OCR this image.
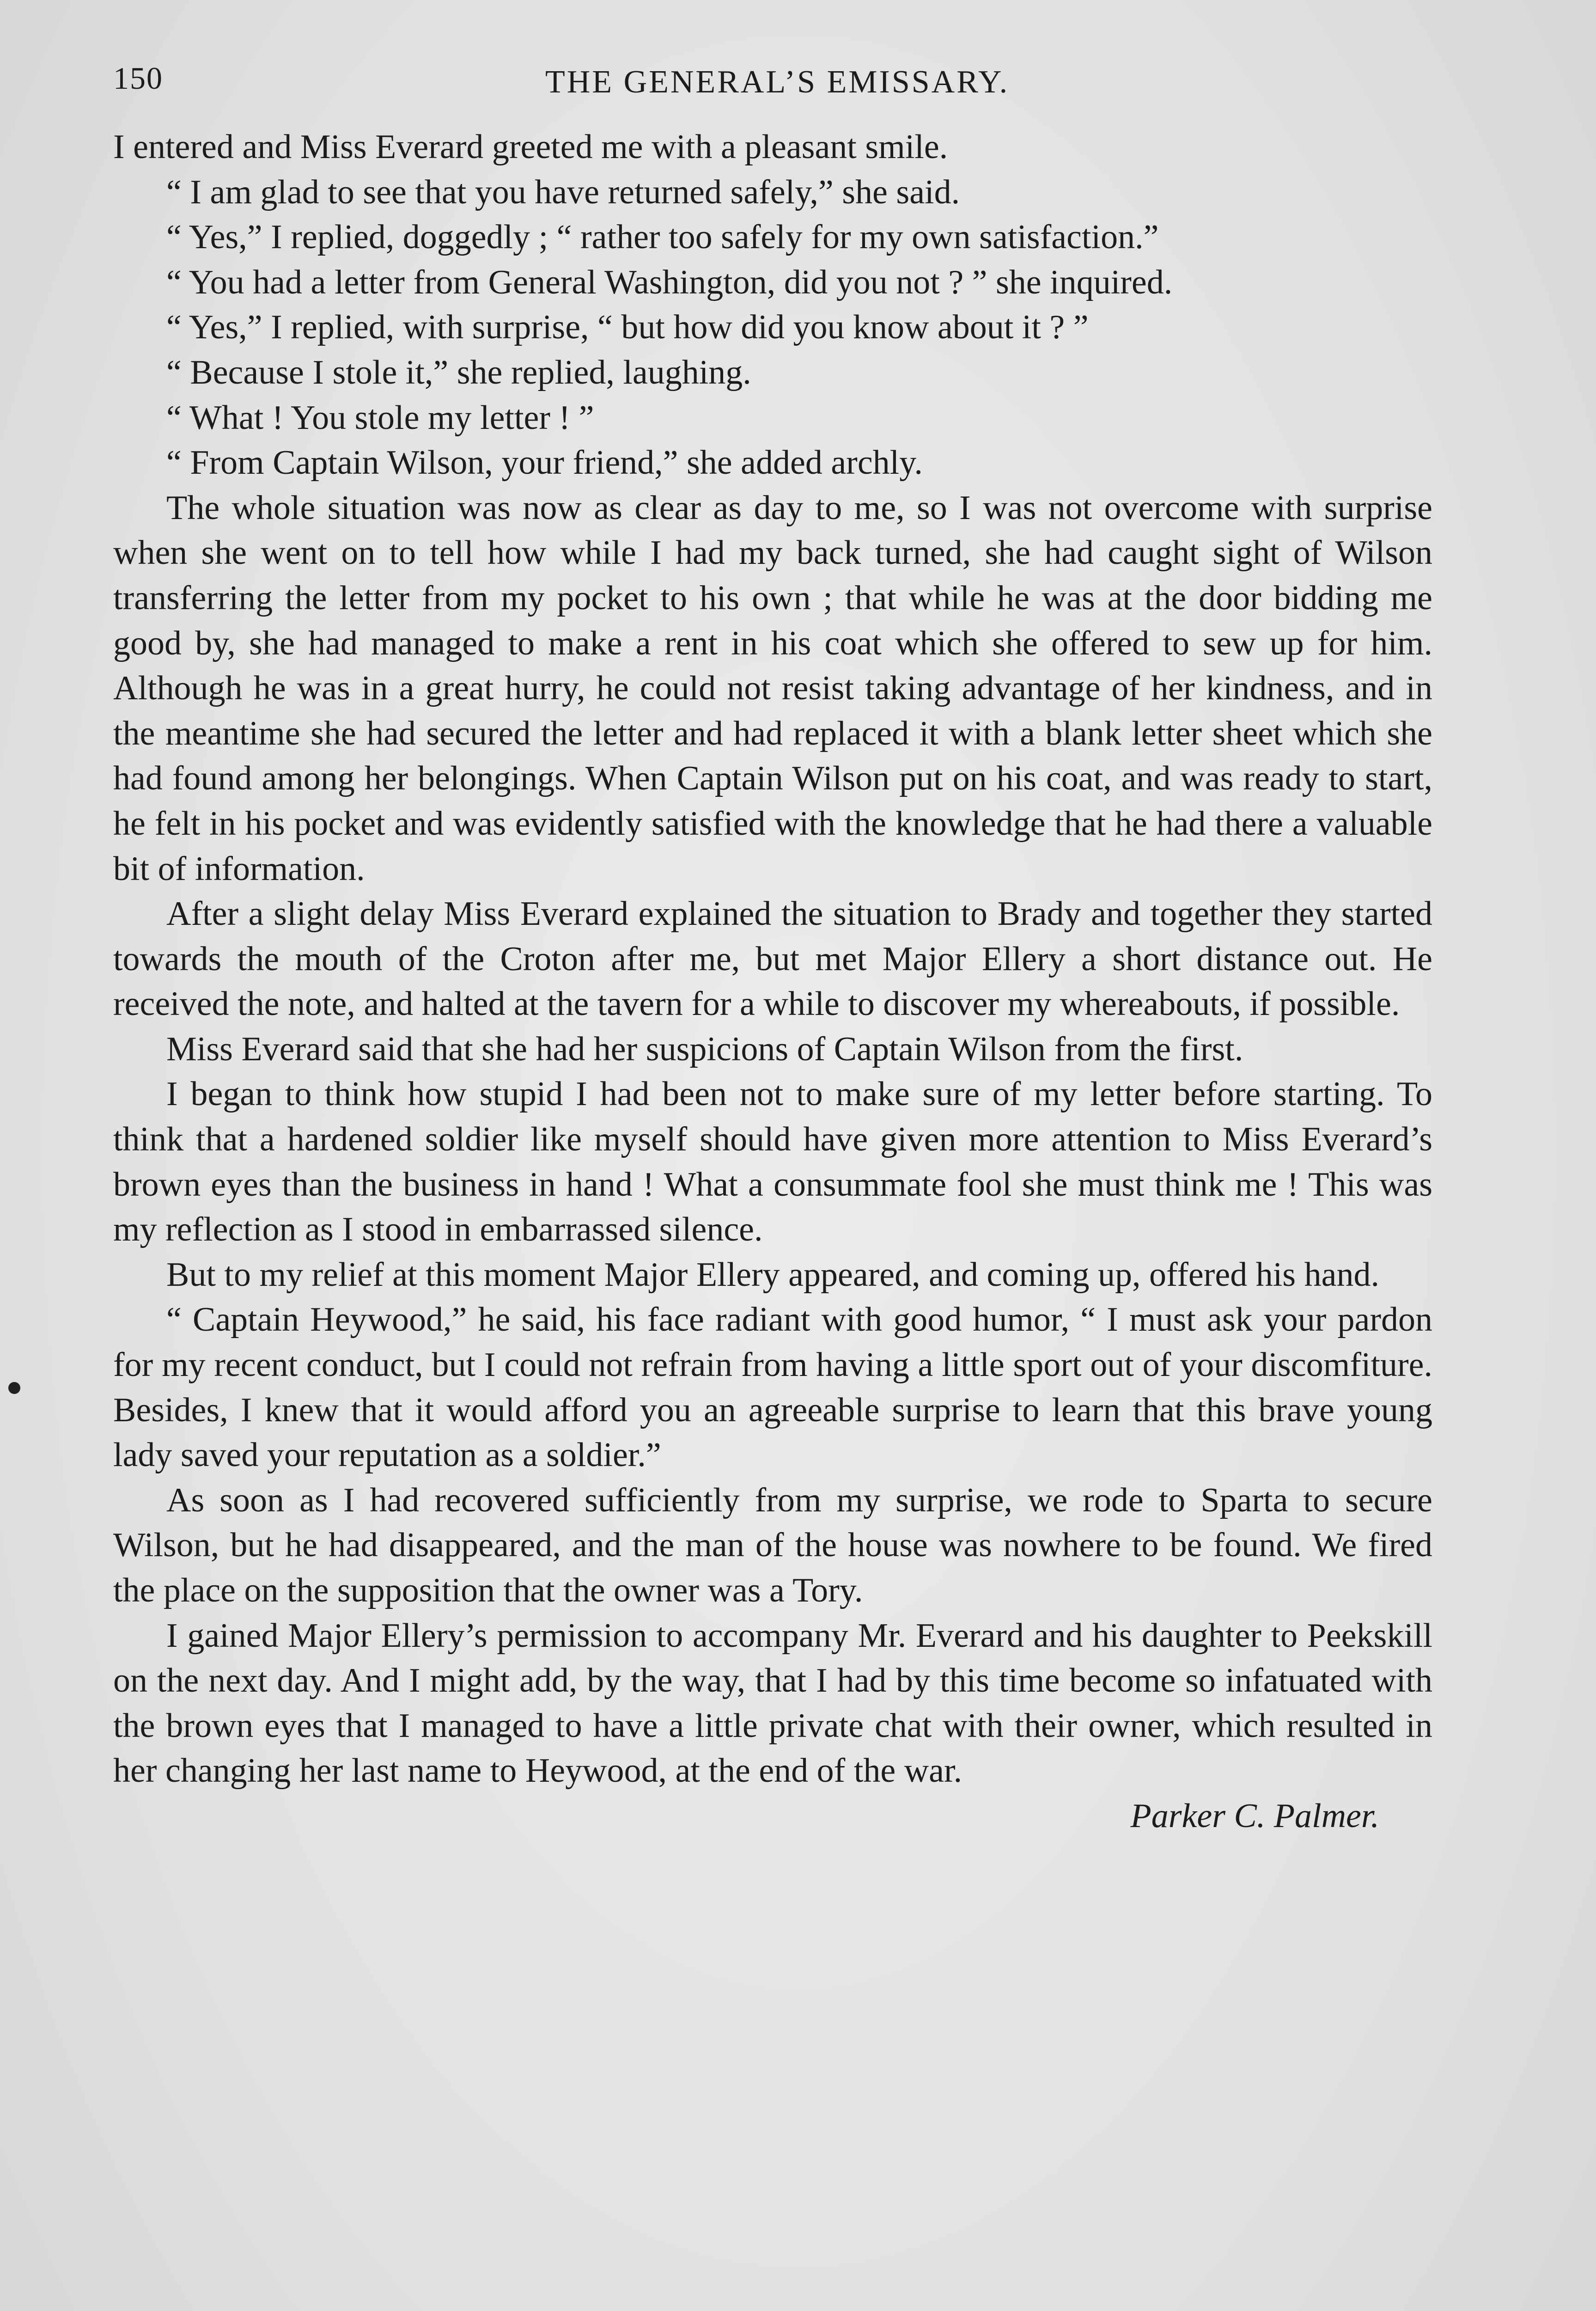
150	THE GENERAL’S EMISSARY.

I entered and Miss Everard greeted me with a pleasant smile.

“ I am glad to see that you have returned safely,” she said.

“ Yes,” I replied, doggedly ; “ rather too safely for my own satisfaction.”

“ You had a letter from General Washington, did you not ? ” she inquired.

“ Yes,” I replied, with surprise, “ but how did you know about it ? ”

“ Because I stole it,” she replied, laughing.

“ What ! You stole my letter ! ”

“ From Captain Wilson, your friend,” she added archly.

The whole situation was now as clear as day to me, so I was not overcome with surprise when she went on to tell how while I had my back turned, she had caught sight of Wilson transferring the letter from my pocket to his own ; that while he was at the door bidding me good by, she had managed to make a rent in his coat which she offered to sew up for him. Although he was in a great hurry, he could not resist taking advantage of her kindness, and in the meantime she had secured the letter and had replaced it with a blank letter sheet which she had found among her belongings. When Captain Wilson put on his coat, and was ready to start, he felt in his pocket and was evidently satisfied with the knowledge that he had there a valuable bit of information.

After a slight delay Miss Everard explained the situation to Brady and together they started towards the mouth of the Croton after me, but met Major Ellery a short distance out. He received the note, and halted at the tavern for a while to discover my whereabouts, if possible.

Miss Everard said that she had her suspicions of Captain Wilson from the first.

I began to think how stupid I had been not to make sure of my letter before starting. To think that a hardened soldier like myself should have given more attention to Miss Everard’s brown eyes than the business in hand ! What a consummate fool she must think me ! This was my reflection as I stood in embarrassed silence.

But to my relief at this moment Major Ellery appeared, and coming up, offered his hand.

“ Captain Heywood,” he said, his face radiant with good humor, “ I must ask your pardon for my recent conduct, but I could not refrain from having a little sport out of your discomfiture. Besides, I knew that it would afford you an agreeable surprise to learn that this brave young lady saved your reputation as a soldier.”

As soon as I had recovered sufficiently from my surprise, we rode to Sparta to secure Wilson, but he had disappeared, and the man of the house was nowhere to be found. We fired the place on the supposition that the owner was a Tory.

I gained Major Ellery’s permission to accompany Mr. Everard and his daughter to Peekskill on the next day. And I might add, by the way, that I had by this time become so infatuated with the brown eyes that I managed to have a little private chat with their owner, which resulted in her changing her last name to Heywood, at the end of the war.

Parker C. Palmer.
